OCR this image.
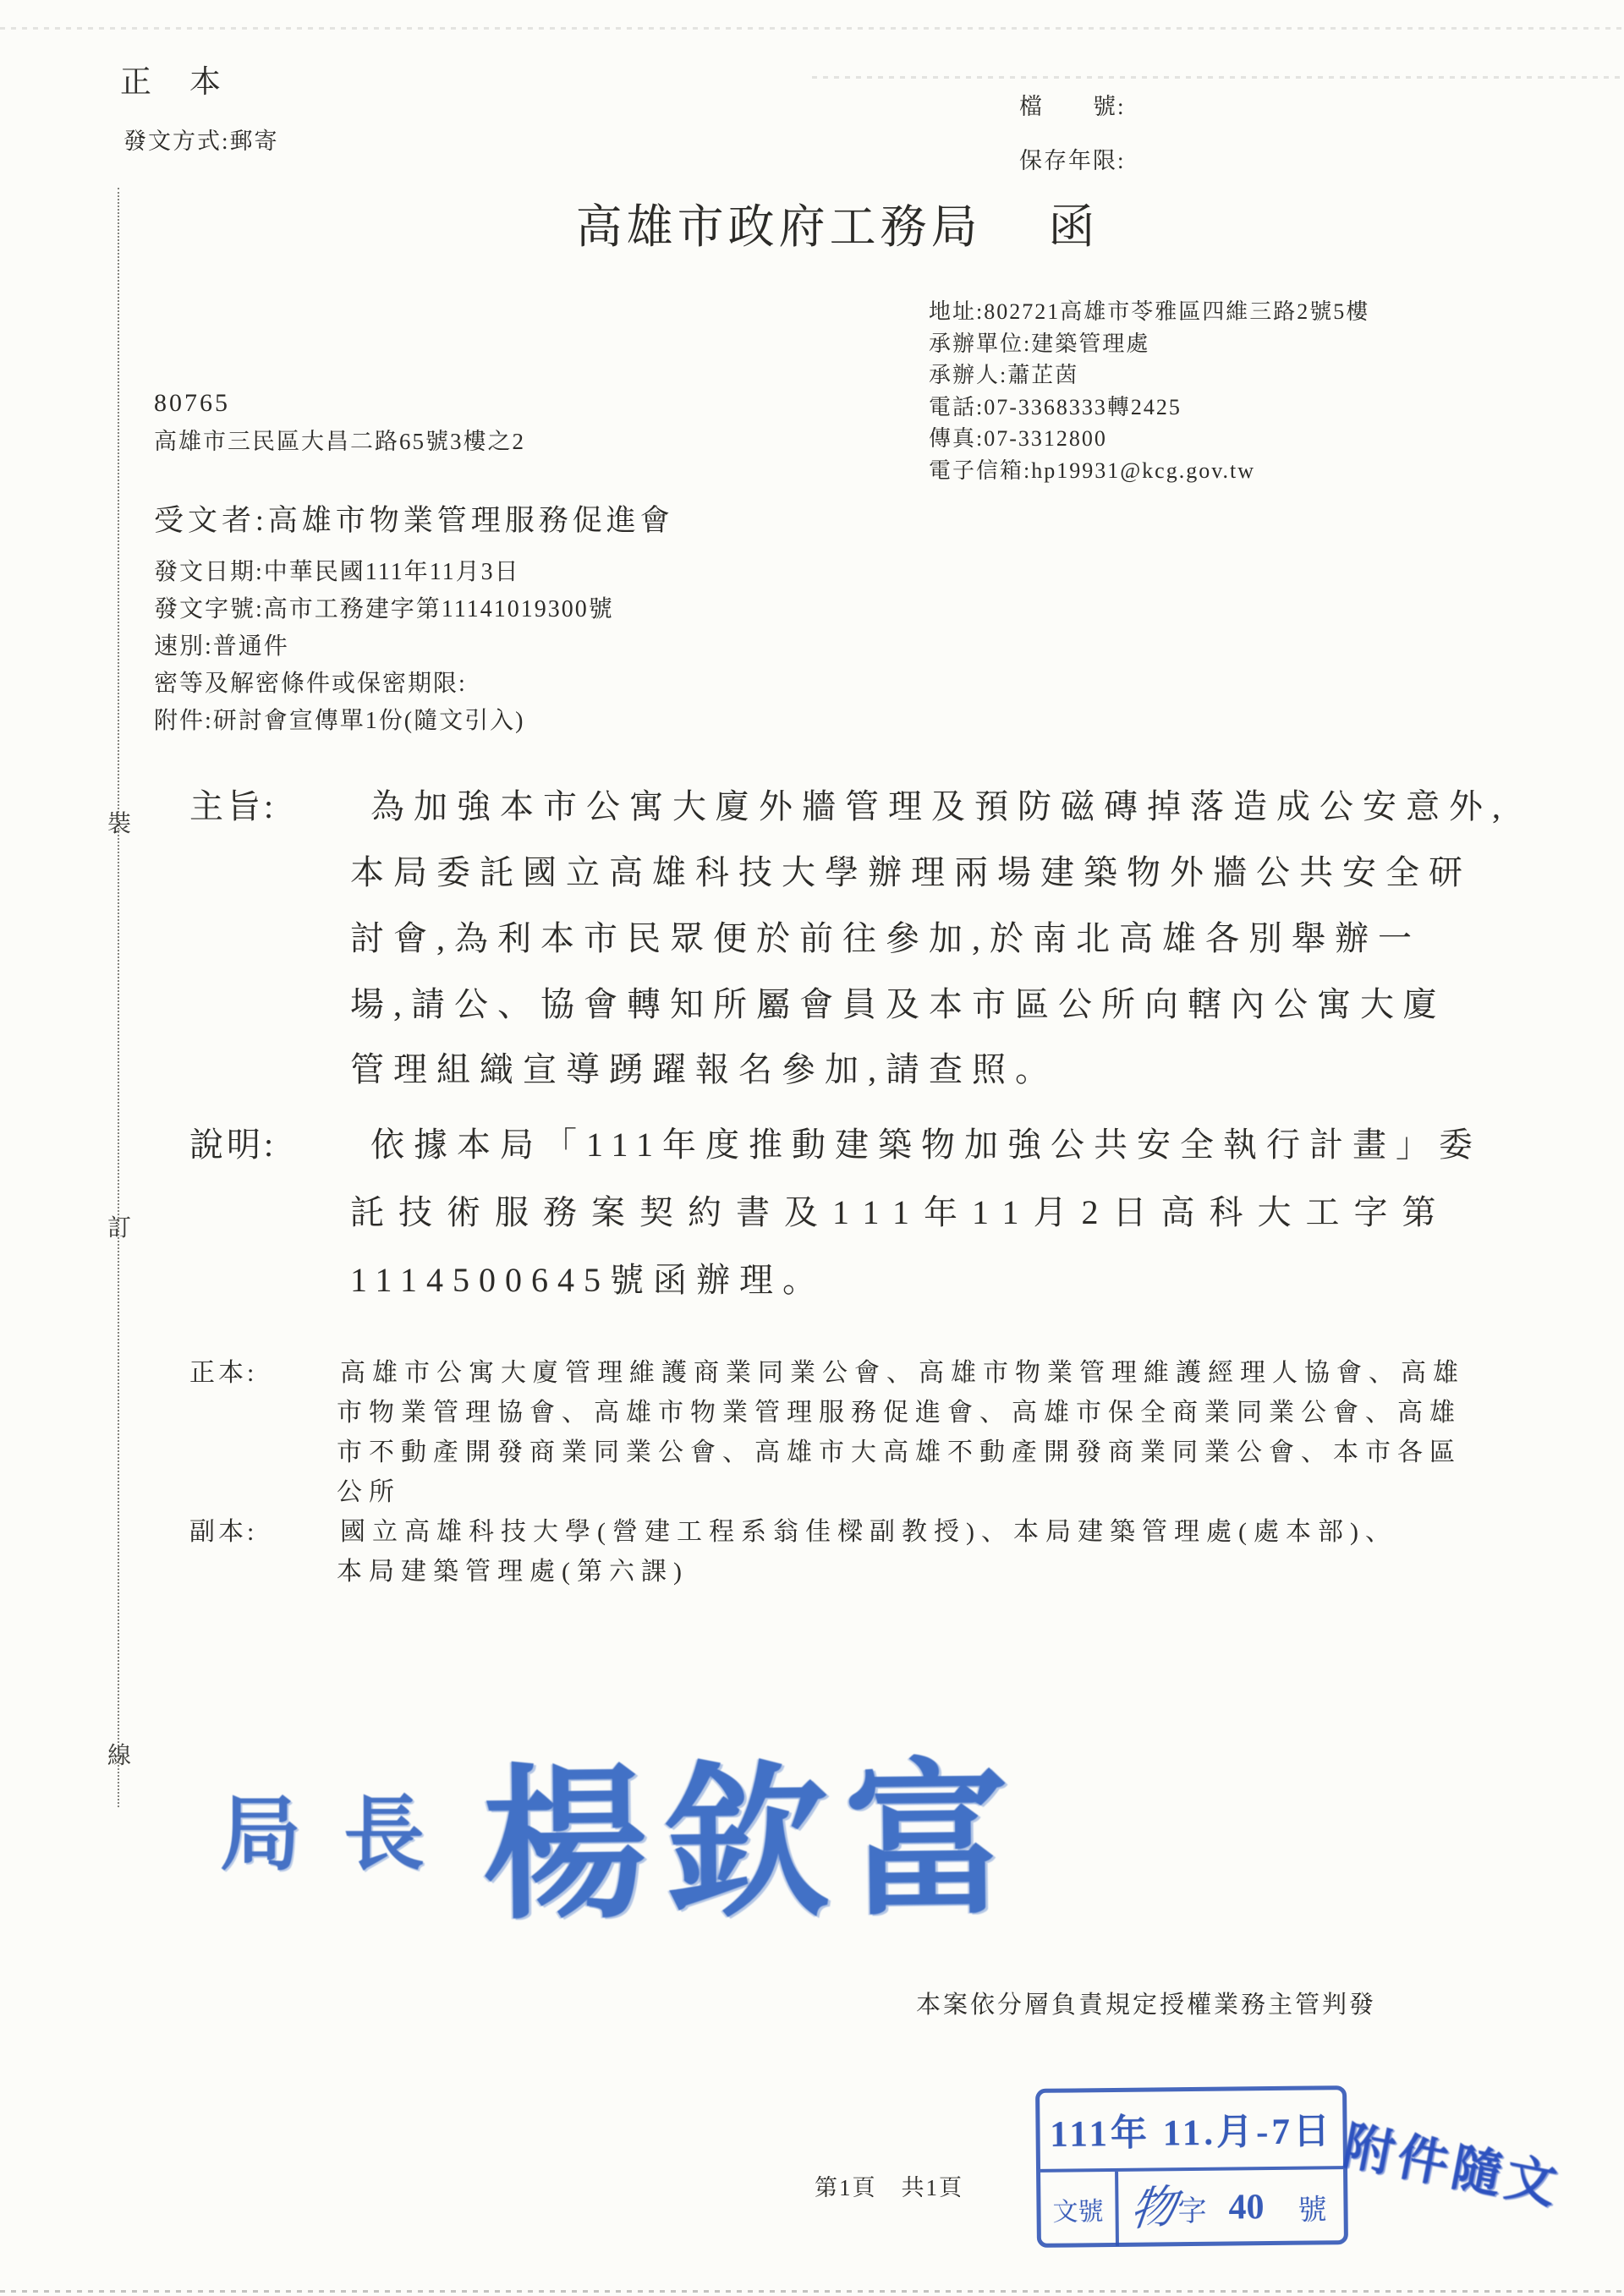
裝
訂
線
正　本
發文方式:郵寄
檔　　號:
保存年限:
高雄市政府工務局　 函
地址:802721高雄市苓雅區四維三路2號5樓
承辦單位:建築管理處
承辦人:蕭芷茵
電話:07-3368333轉2425
傳真:07-3312800
電子信箱:hp19931@kcg.gov.tw
80765
高雄市三民區大昌二路65號3樓之2
受文者:高雄市物業管理服務促進會
發文日期:中華民國111年11月3日
發文字號:高市工務建字第11141019300號
速別:普通件
密等及解密條件或保密期限:
附件:研討會宣傳單1份(隨文引入)
主旨:	為加強本市公寓大廈外牆管理及預防磁磚掉落造成公安意外,
本局委託國立高雄科技大學辦理兩場建築物外牆公共安全研
討會,為利本市民眾便於前往參加,於南北高雄各別舉辦一
場,請公、協會轉知所屬會員及本市區公所向轄內公寓大廈
管理組織宣導踴躍報名參加,請查照。
說明:	依據本局「111年度推動建築物加強公共安全執行計畫」委
託技術服務案契約書及111年11月2日高科大工字第
1114500645號函辦理。
正本:	高雄市公寓大廈管理維護商業同業公會、高雄市物業管理維護經理人協會、高雄
市物業管理協會、高雄市物業管理服務促進會、高雄市保全商業同業公會、高雄
市不動產開發商業同業公會、高雄市大高雄不動產開發商業同業公會、本市各區
公所
副本:	國立高雄科技大學(營建工程系翁佳樑副教授)、本局建築管理處(處本部)、
本局建築管理處(第六課)
局長 楊欽富
本案依分層負責規定授權業務主管判發
111年 11.月-7日
文號 物
字 40 號 附件隨文
第1頁　共1頁
